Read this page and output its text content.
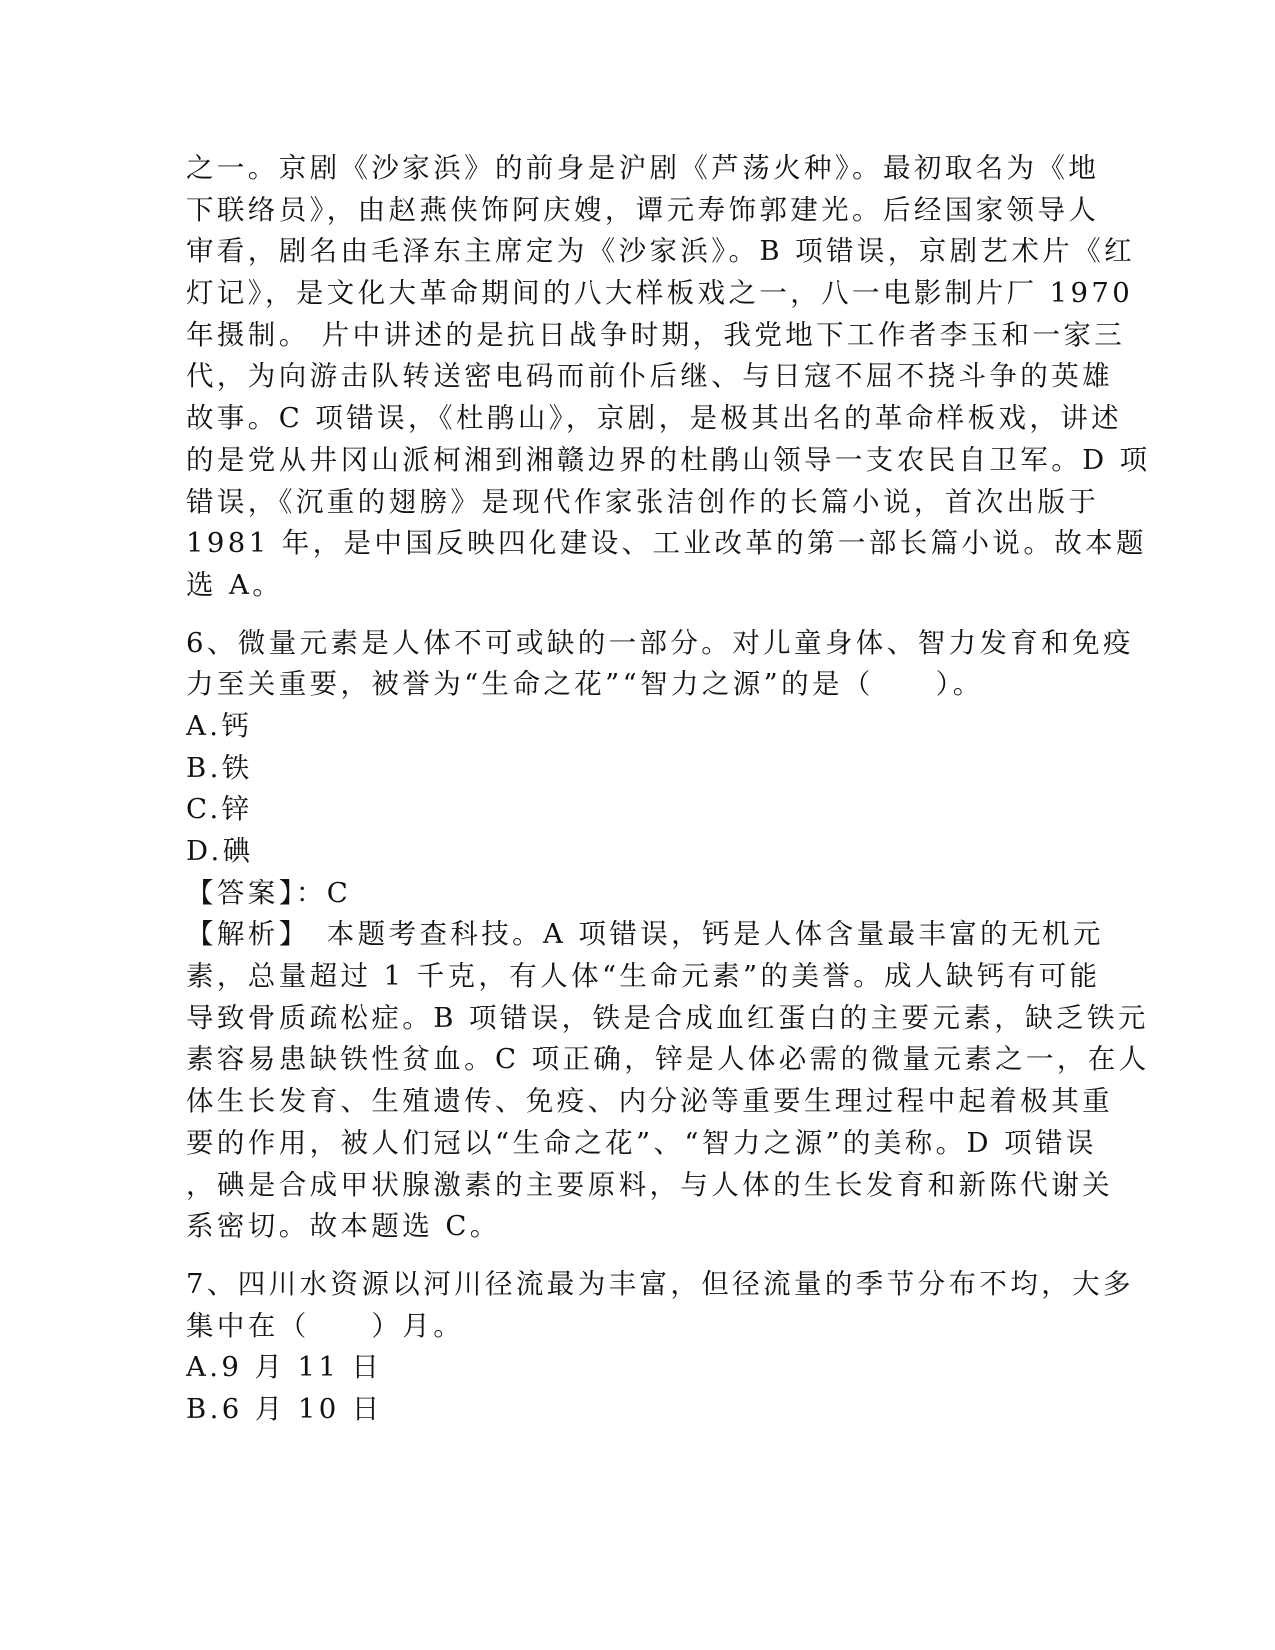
之一。京剧《沙家浜》的前身是沪剧《芦荡火种》。最初取名为《地
下联络员》，由赵燕侠饰阿庆嫂，谭元寿饰郭建光。后经国家领导人
审看，剧名由毛泽东主席定为《沙家浜》。B 项错误，京剧艺术片《红
灯记》，是文化大革命期间的八大样板戏之一，八一电影制片厂 1970
年摄制。 片中讲述的是抗日战争时期，我党地下工作者李玉和一家三
代，为向游击队转送密电码而前仆后继、与日寇不屈不挠斗争的英雄
故事。C 项错误，《杜鹃山》，京剧，是极其出名的革命样板戏，讲述
的是党从井冈山派柯湘到湘赣边界的杜鹃山领导一支农民自卫军。D 项
错误，《沉重的翅膀》是现代作家张洁创作的长篇小说，首次出版于
1981 年，是中国反映四化建设、工业改革的第一部长篇小说。故本题
选 A。
6、微量元素是人体不可或缺的一部分。对儿童身体、智力发育和免疫
力至关重要，被誉为“生命之花”“智力之源”的是（　　）。
A.钙
B.铁
C.锌
D.碘
【答案】：C
【解析】　本题考查科技。A 项错误，钙是人体含量最丰富的无机元
素，总量超过 1 千克，有人体“生命元素”的美誉。成人缺钙有可能
导致骨质疏松症。B 项错误，铁是合成血红蛋白的主要元素，缺乏铁元
素容易患缺铁性贫血。C 项正确，锌是人体必需的微量元素之一，在人
体生长发育、生殖遗传、免疫、内分泌等重要生理过程中起着极其重
要的作用，被人们冠以“生命之花”、“智力之源”的美称。D 项错误
，碘是合成甲状腺激素的主要原料，与人体的生长发育和新陈代谢关
系密切。故本题选 C。
7、四川水资源以河川径流最为丰富，但径流量的季节分布不均，大多
集中在（　　）月。
A.9 月 11 日
B.6 月 10 日
